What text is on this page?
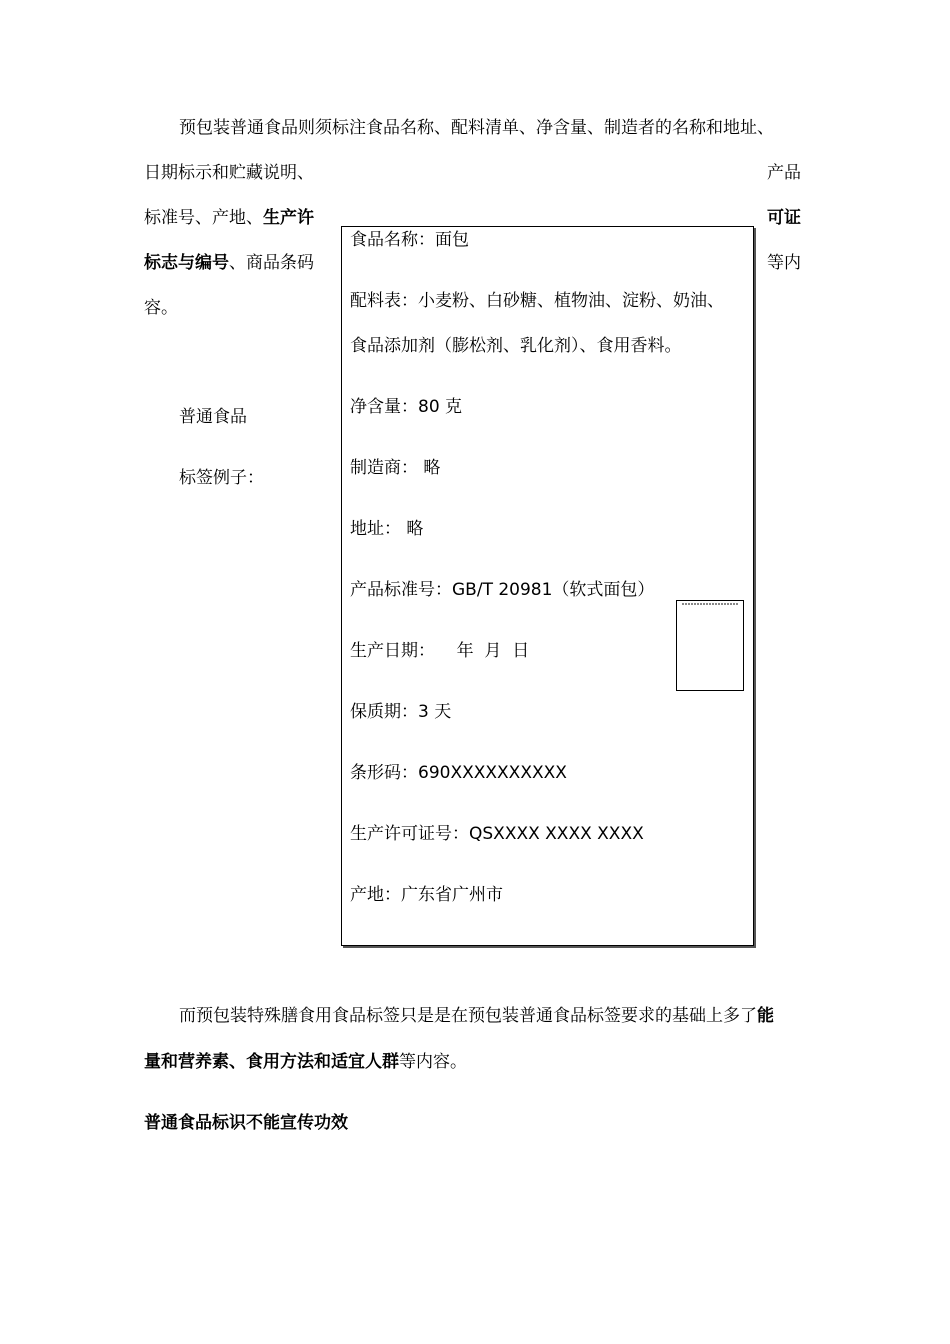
预包装普通食品则须标注食品名称、配料清单、净含量、制造者的名称和地址、
日期标示和贮藏说明、	产品
标准号、产地、生产许	可证
标志与编号、商品条码	等内
容。
普通食品
标签例子：
食品名称：面包
配料表：小麦粉、白砂糖、植物油、淀粉、奶油、
食品添加剂（膨松剂、乳化剂）、食用香料。
净含量：80 克
制造商： 略
地址： 略
产品标准号：GB/T 20981（软式面包）
生产日期：    年  月  日
保质期：3 天
条形码：690XXXXXXXXXX
生产许可证号：QSXXXX XXXX XXXX
产地：广东省广州市
而预包装特殊膳食用食品标签只是是在预包装普通食品标签要求的基础上多了能
量和营养素、食用方法和适宜人群等内容。
普通食品标识不能宣传功效
